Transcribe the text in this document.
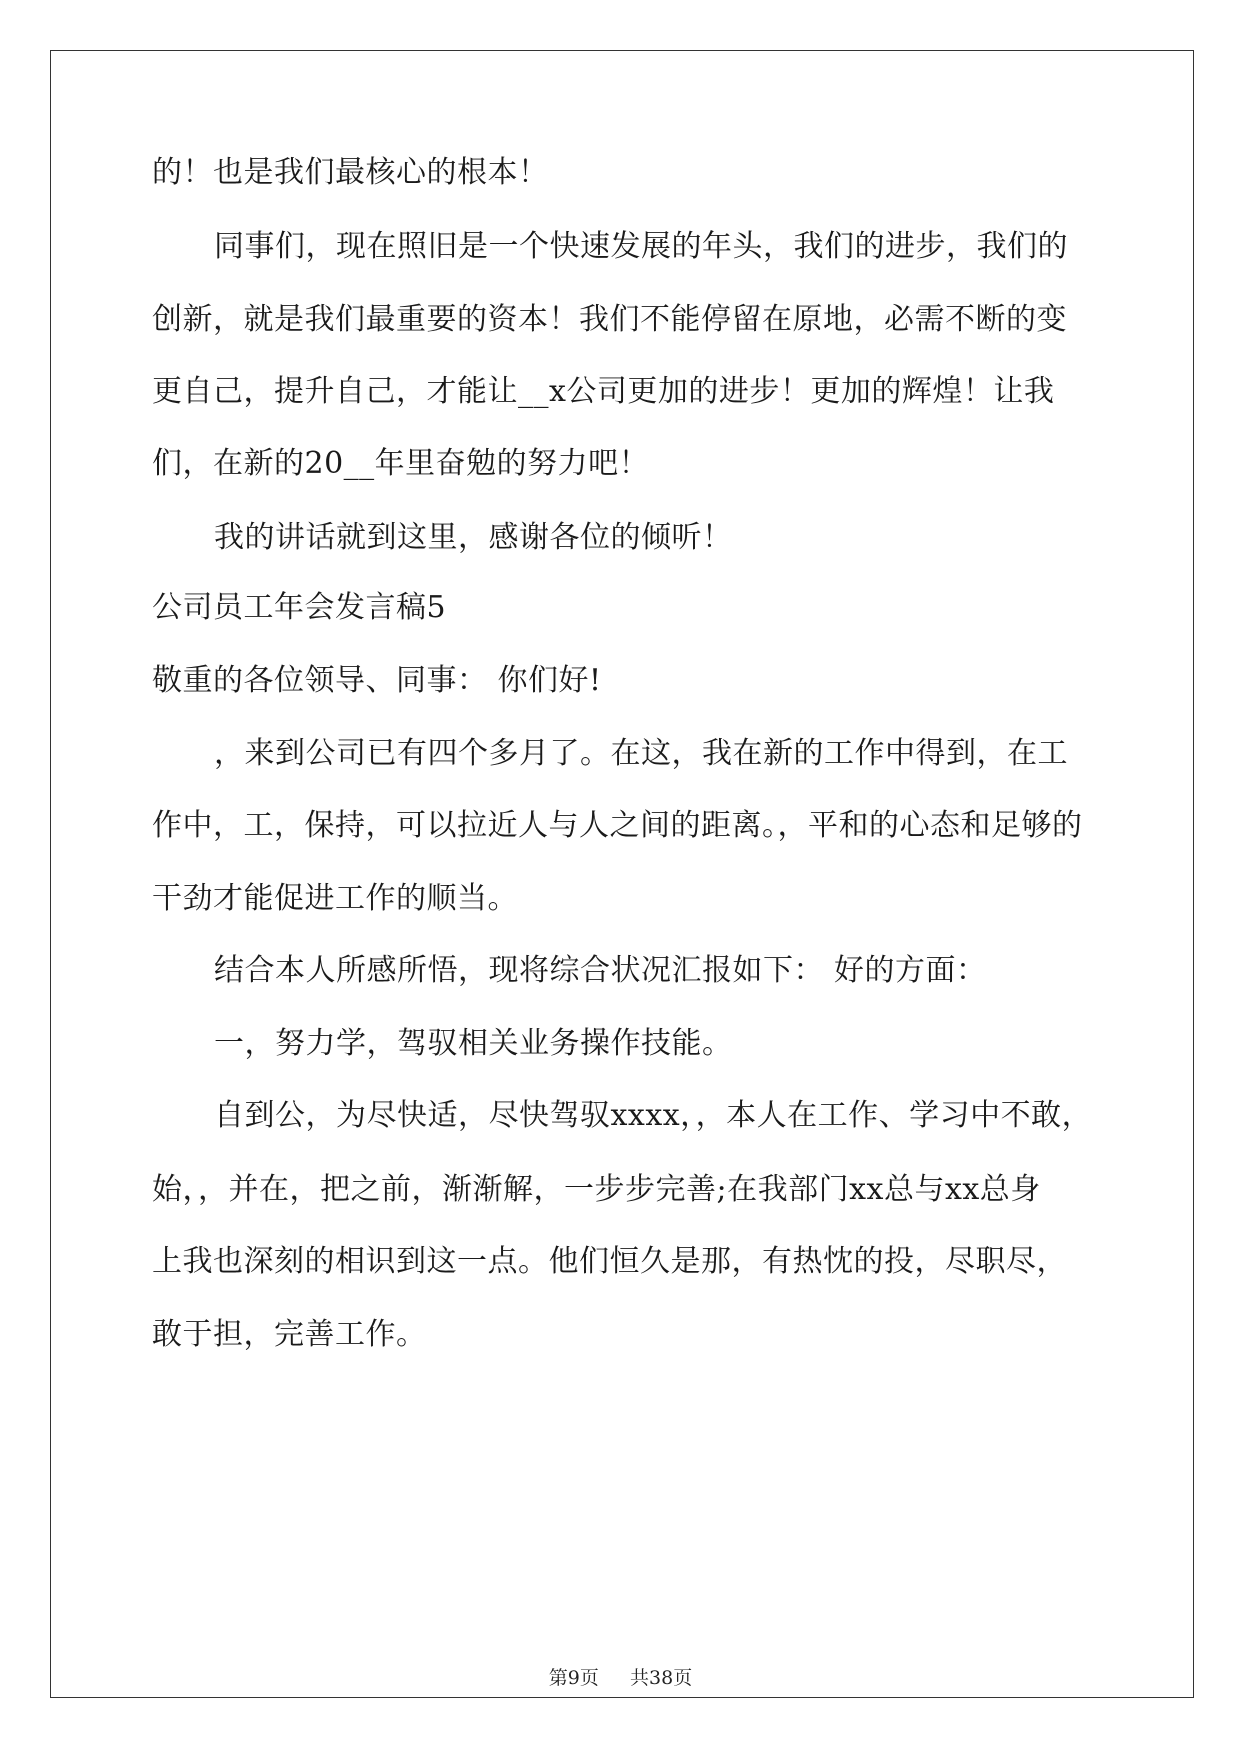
的！也是我们最核心的根本！
同事们，现在照旧是一个快速发展的年头，我们的进步，我们的
创新，就是我们最重要的资本！我们不能停留在原地，必需不断的变
更自己，提升自己，才能让__x公司更加的进步！更加的辉煌！让我
们，在新的20__年里奋勉的努力吧！
我的讲话就到这里，感谢各位的倾听！
公司员工年会发言稿5
敬重的各位领导、同事： 你们好!
，来到公司已有四个多月了。在这，我在新的工作中得到，在工
作中，工，保持，可以拉近人与人之间的距离。，平和的心态和足够的
干劲才能促进工作的顺当。
结合本人所感所悟，现将综合状况汇报如下： 好的方面：
一，努力学，驾驭相关业务操作技能。
自到公，为尽快适，尽快驾驭xxxx，，本人在工作、学习中不敢，
始，，并在，把之前，渐渐解，一步步完善;在我部门xx总与xx总身
上我也深刻的相识到这一点。他们恒久是那，有热忱的投，尽职尽，
敢于担，完善工作。
第9页   共38页
